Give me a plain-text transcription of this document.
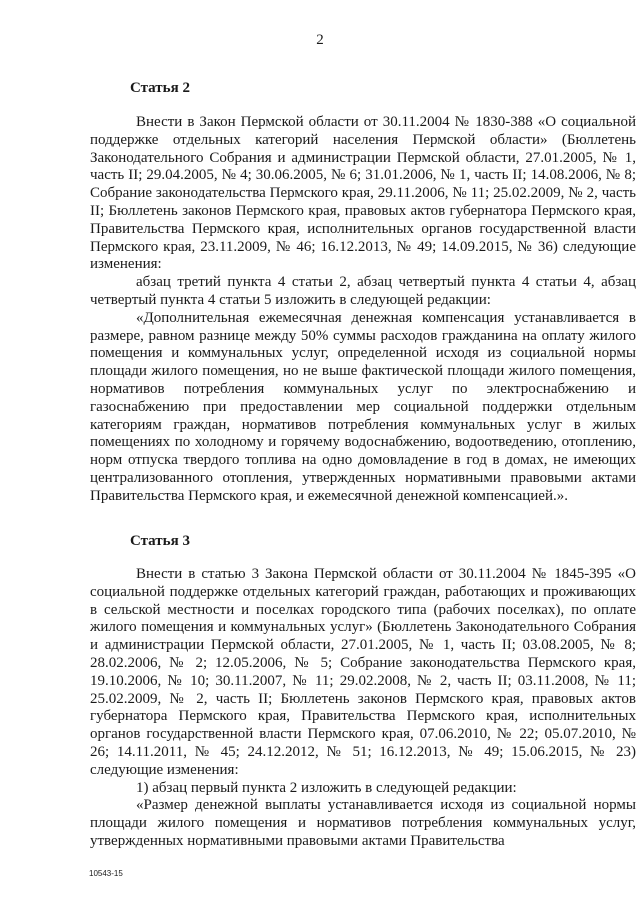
2
Статья 2

Внести в Закон Пермской области от 30.11.2004 № 1830-388 «О социальной поддержке отдельных категорий населения Пермской области» (Бюллетень Законодательного Собрания и администрации Пермской области, 27.01.2005, № 1, часть II; 29.04.2005, № 4; 30.06.2005, № 6; 31.01.2006, № 1, часть II; 14.08.2006, № 8; Собрание законодательства Пермского края, 29.11.2006, № 11; 25.02.2009, № 2, часть II; Бюллетень законов Пермского края, правовых актов губернатора Пермского края, Правительства Пермского края, исполнительных органов государственной власти Пермского края, 23.11.2009, № 46; 16.12.2013, № 49; 14.09.2015, № 36) следующие изменения:

абзац третий пункта 4 статьи 2, абзац четвертый пункта 4 статьи 4, абзац четвертый пункта 4 статьи 5 изложить в следующей редакции:

«Дополнительная ежемесячная денежная компенсация устанавливается в размере, равном разнице между 50% суммы расходов гражданина на оплату жилого помещения и коммунальных услуг, определенной исходя из социальной нормы площади жилого помещения, но не выше фактической площади жилого помещения, нормативов потребления коммунальных услуг по электроснабжению и газоснабжению при предоставлении мер социальной поддержки отдельным категориям граждан, нормативов потребления коммунальных услуг в жилых помещениях по холодному и горячему водоснабжению, водоотведению, отоплению, норм отпуска твердого топлива на одно домовладение в год в домах, не имеющих централизованного отопления, утвержденных нормативными правовыми актами Правительства Пермского края, и ежемесячной денежной компенсацией.».

Статья 3

Внести в статью 3 Закона Пермской области от 30.11.2004 № 1845-395 «О социальной поддержке отдельных категорий граждан, работающих и проживающих в сельской местности и поселках городского типа (рабочих поселках), по оплате жилого помещения и коммунальных услуг» (Бюллетень Законодательного Собрания и администрации Пермской области, 27.01.2005, № 1, часть II; 03.08.2005, № 8; 28.02.2006, № 2; 12.05.2006, № 5; Собрание законодательства Пермского края, 19.10.2006, № 10; 30.11.2007, № 11; 29.02.2008, № 2, часть II; 03.11.2008, № 11; 25.02.2009, № 2, часть II; Бюллетень законов Пермского края, правовых актов губернатора Пермского края, Правительства Пермского края, исполнительных органов государственной власти Пермского края, 07.06.2010, № 22; 05.07.2010, № 26; 14.11.2011, № 45; 24.12.2012, № 51; 16.12.2013, № 49; 15.06.2015, № 23) следующие изменения:

1) абзац первый пункта 2 изложить в следующей редакции:

«Размер денежной выплаты устанавливается исходя из социальной нормы площади жилого помещения и нормативов потребления коммунальных услуг, утвержденных нормативными правовыми актами Правительства

10543-15
